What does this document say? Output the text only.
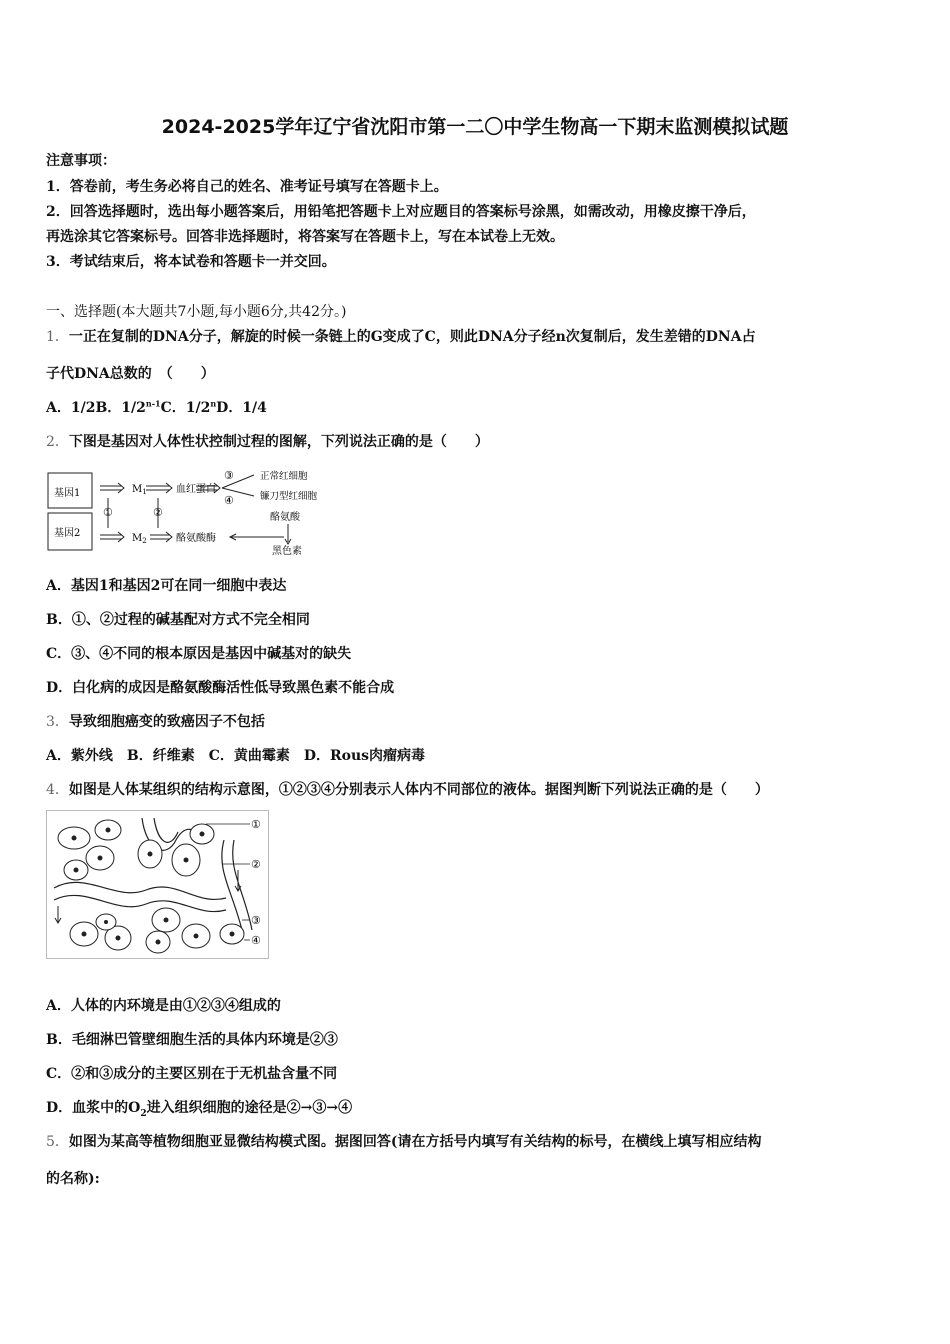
2024-2025学年辽宁省沈阳市第一二〇中学生物高一下期末监测模拟试题
注意事项：
1．答卷前，考生务必将自己的姓名、准考证号填写在答题卡上。
2．回答选择题时，选出每小题答案后，用铅笔把答题卡上对应题目的答案标号涂黑，如需改动，用橡皮擦干净后，
再选涂其它答案标号。回答非选择题时，将答案写在答题卡上，写在本试卷上无效。
3．考试结束后，将本试卷和答题卡一并交回。
一、选择题(本大题共7小题,每小题6分,共42分。)
1．一正在复制的DNA分子，解旋的时候一条链上的G变成了C，则此DNA分子经n次复制后，发生差错的DNA占
子代DNA总数的　（　　）
A．1/2B．1/2$^{n-1}$C．1/2$^n$D．1/4
2．下图是基因对人体性状控制过程的图解，下列说法正确的是（　　）
基因1
基因2
$M_1$	血红蛋白
③
④
正常红细胞
镰刀型红细胞
①	②
$M_2$	酪氨酸酶
酪氨酸
黑色素
A．基因1和基因2可在同一细胞中表达
B．①、②过程的碱基配对方式不完全相同
C．③、④不同的根本原因是基因中碱基对的缺失
D．白化病的成因是酪氨酸酶活性低导致黑色素不能合成
3．导致细胞癌变的致癌因子不包括
A．紫外线　B．纤维素　C．黄曲霉素　D．Rous肉瘤病毒
4．如图是人体某组织的结构示意图，①②③④分别表示人体内不同部位的液体。据图判断下列说法正确的是（　　）
①
②
③
④
A．人体的内环境是由①②③④组成的
B．毛细淋巴管壁细胞生活的具体内环境是②③
C．②和③成分的主要区别在于无机盐含量不同
D．血浆中的$O_2$进入组织细胞的途径是②→③→④
5．如图为某高等植物细胞亚显微结构模式图。据图回答(请在方括号内填写有关结构的标号，在横线上填写相应结构
的名称):
